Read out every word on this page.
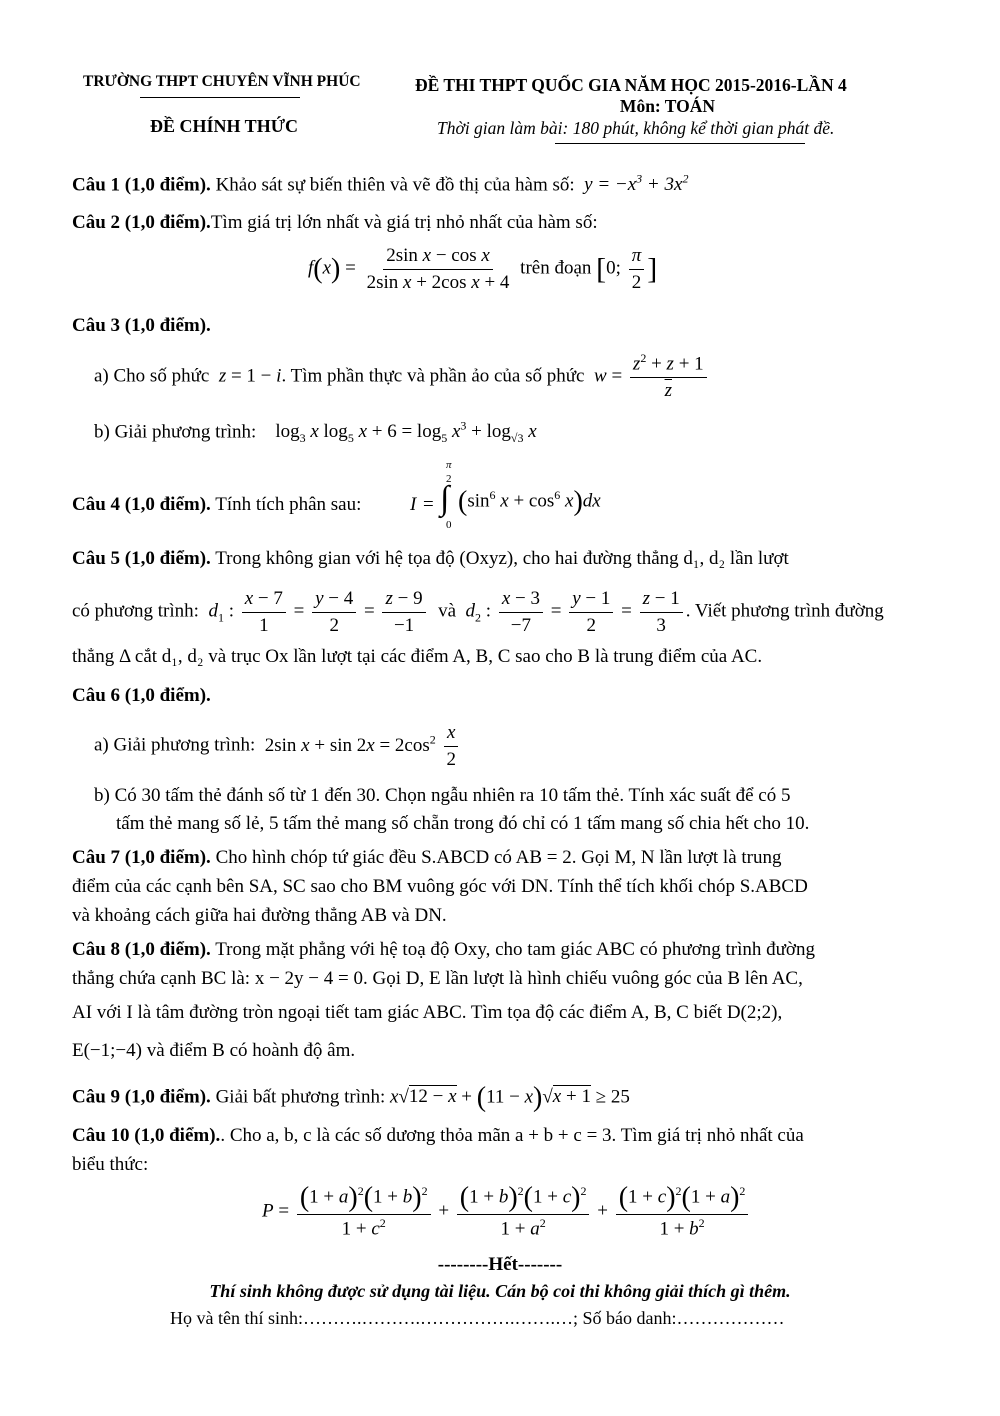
TRƯỜNG THPT CHUYÊN VĨNH PHÚC
ĐỀ CHÍNH THỨC
ĐỀ THI THPT QUỐC GIA NĂM HỌC 2015-2016-LẦN 4
Môn: TOÁN
Thời gian làm bài: 180 phút, không kể thời gian phát đề.
Câu 1 (1,0 điểm). Khảo sát sự biến thiên và vẽ đồ thị của hàm số:  $y = -x^3 + 3x^2$
Câu 2 (1,0 điểm).Tìm giá trị lớn nhất và giá trị nhỏ nhất của hàm số:
$f(x) = \frac{\text{2sin x − cos x}}{\text{2sin x + 2cos x + 4}}$ trên đoạn [0; $\frac{\pi}{2}$ ]
Câu 3 (1,0 điểm).
a) Cho số phức  z = 1 − i. Tìm phần thực và phần ảo của số phức  $w = \frac{z^2 + z + 1}{z}$
b) Giải phương trình:    $\log_3 x$ $\log_5 x + 6 = \log_5 x^3 + \log_{√3} x$
Câu 4 (1,0 điểm). Tính tích phân sau:	I =
π
2
∫
0
($\sin^6$ $x + \cos^6 x)dx$
Câu 5 (1,0 điểm). Trong không gian với hệ tọa độ (Oxyz), cho hai đường thẳng d₁, d₂ lần lượt
có phương trình:  $d_1$ : $\frac{x - 7}{1} = \frac{y - 4}{2} = \frac{z - 9}{-1}$ và $d_2$ : $\frac{x - 3}{-7} = \frac{y - 1}{2} = \frac{z - 1}{3}$ . Viết phương trình đường
thẳng Δ cắt d₁, d₂ và trục Ox lần lượt tại các điểm A, B, C sao cho B là trung điểm của AC.
Câu 6 (1,0 điểm).
a) Giải phương trình:  2sin $x + \sin 2x = 2\cos^2 \frac{x}{2}$
b) Có 30 tấm thẻ đánh số từ 1 đến 30. Chọn ngẫu nhiên ra 10 tấm thẻ. Tính xác suất để có 5
tấm thẻ mang số lẻ, 5 tấm thẻ mang số chẵn trong đó chỉ có 1 tấm mang số chia hết cho 10.
Câu 7 (1,0 điểm). Cho hình chóp tứ giác đều S.ABCD có AB = 2. Gọi M, N lần lượt là trung
điểm của các cạnh bên SA, SC sao cho BM vuông góc với DN. Tính thể tích khối chóp S.ABCD
và khoảng cách giữa hai đường thẳng AB và DN.
Câu 8 (1,0 điểm). Trong mặt phẳng với hệ toạ độ Oxy, cho tam giác ABC có phương trình đường
thẳng chứa cạnh BC là: x − 2y − 4 = 0. Gọi D, E lần lượt là hình chiếu vuông góc của B lên AC,
AI với I là tâm đường tròn ngoại tiết tam giác ABC. Tìm tọa độ các điểm A, B, C biết D(2;2),
E(−1;−4) và điểm B có hoành độ âm.
Câu 9 (1,0 điểm). Giải bất phương trình: x√12 − x + (11 − x)√x + 1 ≥ 25
Câu 10 (1,0 điểm).. Cho a, b, c là các số dương thỏa mãn a + b + c = 3. Tìm giá trị nhỏ nhất của
biểu thức:
$P = \frac{(1 + a)^2(1 + b)^2}{1 + c^2} + \frac{(1 + b)^2(1 + c)^2}{1 + a^2} + \frac{(1 + c)^2(1 + a)^2}{1 + b^2}$
--------Hết-------
Thí sinh không được sử dụng tài liệu. Cán bộ coi thi không giải thích gì thêm.
Họ và tên thí sinh:……….……….…………….…….…; Số báo danh:………………
